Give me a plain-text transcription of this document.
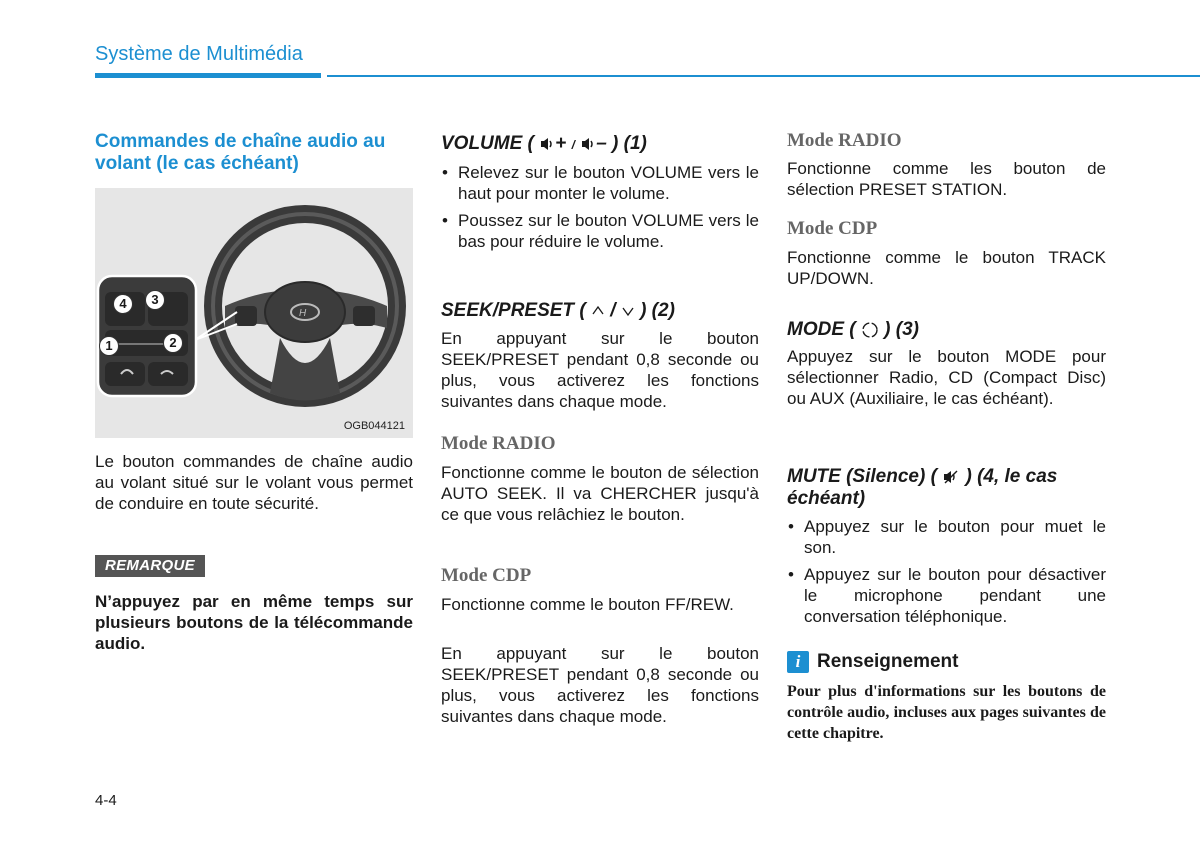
Système de Multimédia
Commandes de chaîne audio au volant (le cas échéant)
H
4	3
1	2
OGB044121

Le bouton commandes de chaîne audio au volant situé sur le volant vous permet de conduire en toute sécurité.

REMARQUE

N’appuyez par en même temps sur plusieurs boutons de la télécommande audio.

VOLUME ( + / – ) (1)
• Relevez sur le bouton VOLUME vers le haut pour monter le volume.
• Poussez sur le bouton VOLUME vers le bas pour réduire le volume.
SEEK/PRESET ( / ) (2)

En appuyant sur le bouton SEEK/PRESET pendant 0,8 seconde ou plus, vous activerez les fonctions suivantes dans chaque mode.

Mode RADIO

Fonctionne comme le bouton de sélection AUTO SEEK. Il va CHERCHER jusqu'à ce que vous relâchiez le bouton.

Mode CDP

Fonctionne comme le bouton FF/REW.

En appuyant sur le bouton SEEK/PRESET pendant 0,8 seconde ou plus, vous activerez les fonctions suivantes dans chaque mode.

Mode RADIO

Fonctionne comme les bouton de sélection PRESET STATION.

Mode CDP

Fonctionne comme le bouton TRACK UP/DOWN.

MODE ( ) (3)

Appuyez sur le bouton MODE pour sélectionner Radio, CD (Compact Disc) ou AUX (Auxiliaire, le cas échéant).

MUTE (Silence) ( ) (4, le cas échéant)
• Appuyez sur le bouton pour muet le son.
• Appuyez sur le bouton pour désactiver le microphone pendant une conversation téléphonique.
i Renseignement

Pour plus d'informations sur les boutons de contrôle audio, incluses aux pages suivantes de cette chapitre.

4-4
